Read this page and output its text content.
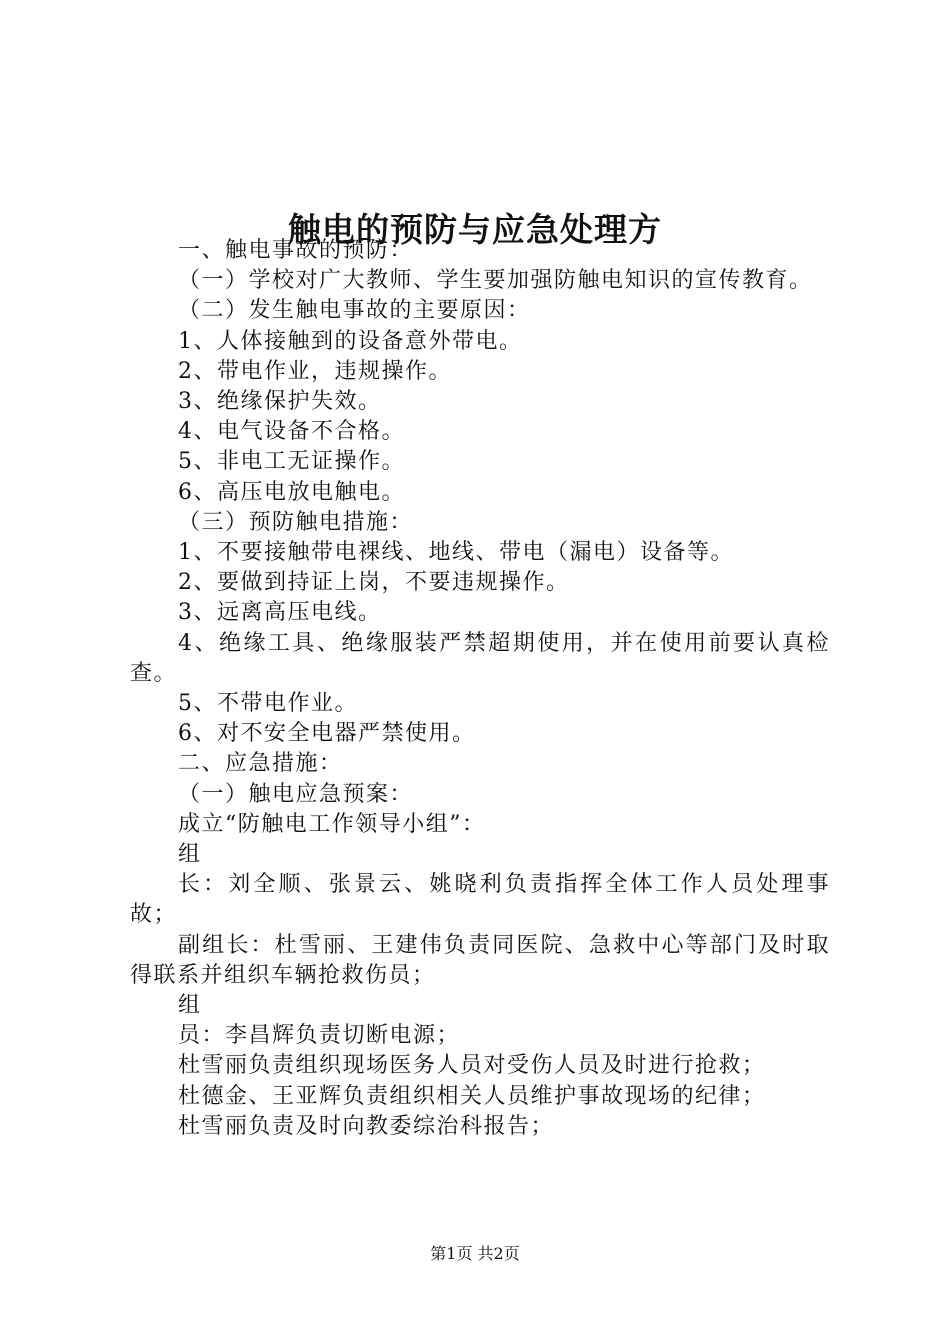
触电的预防与应急处理方

一、触电事故的预防：

（一）学校对广大教师、学生要加强防触电知识的宣传教育。

（二）发生触电事故的主要原因：

1、人体接触到的设备意外带电。

2、带电作业，违规操作。

3、绝缘保护失效。

4、电气设备不合格。

5、非电工无证操作。

6、高压电放电触电。

（三）预防触电措施：

1、不要接触带电裸线、地线、带电（漏电）设备等。

2、要做到持证上岗，不要违规操作。

3、远离高压电线。

4、绝缘工具、绝缘服装严禁超期使用，并在使用前要认真检查。

5、不带电作业。

6、对不安全电器严禁使用。

二、应急措施：

（一）触电应急预案：

成立“防触电工作领导小组”：

组

长：刘全顺、张景云、姚晓利负责指挥全体工作人员处理事故；

副组长：杜雪丽、王建伟负责同医院、急救中心等部门及时取得联系并组织车辆抢救伤员；

组

员：李昌辉负责切断电源；

杜雪丽负责组织现场医务人员对受伤人员及时进行抢救；

杜德金、王亚辉负责组织相关人员维护事故现场的纪律；

杜雪丽负责及时向教委综治科报告；

第1页 共2页
